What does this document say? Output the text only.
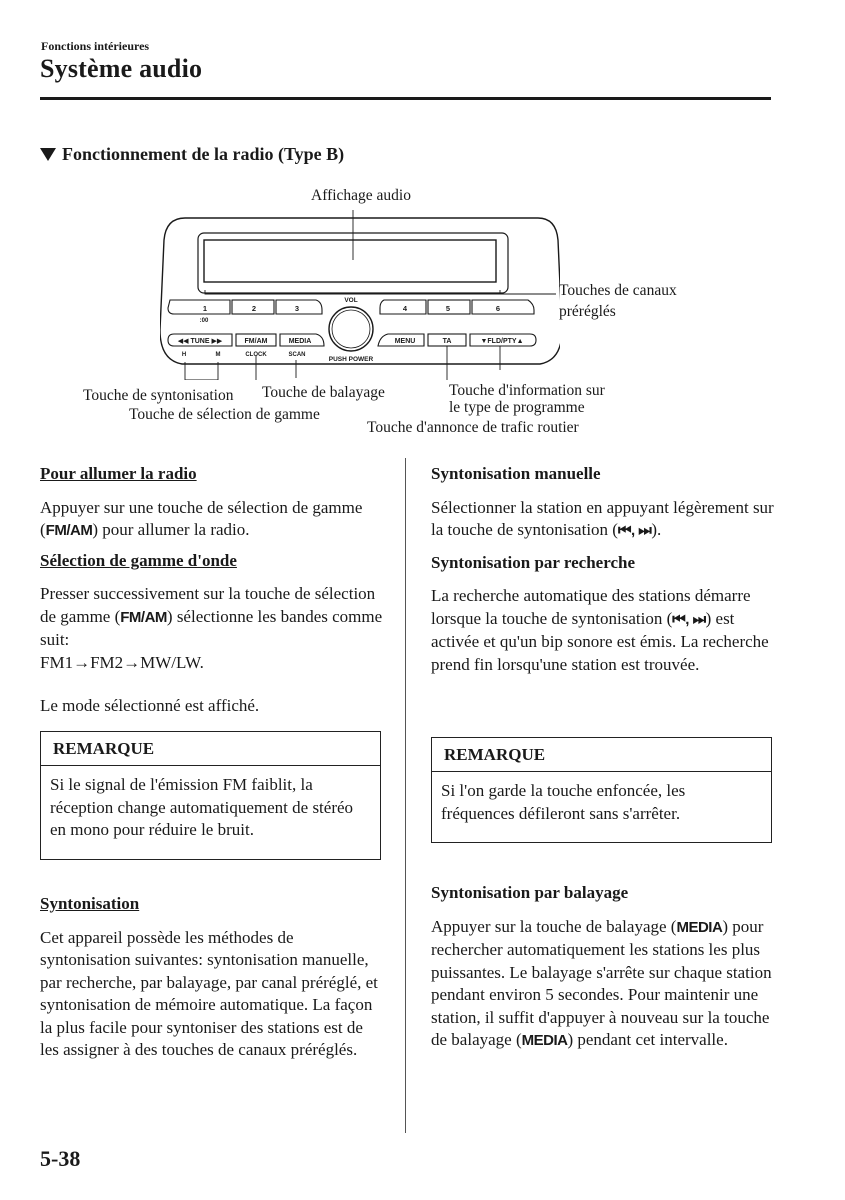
Fonctions intérieures
Système audio
Fonctionnement de la radio (Type B)
Affichage audio
1
:00
2	3	4	5	6
VOL
◀◀ TUNE ▶▶	FM/AM	MEDIA	MENU	TA	▼FLD/PTY▲
H	M	CLOCK	SCAN
PUSH POWER
Touches de canaux
préréglés
Touche de syntonisation Touche de balayage
Touche de sélection de gamme
Touche d'information sur
le type de programme
Touche d'annonce de trafic routier

Pour allumer la radio

Appuyer sur une touche de sélection de gamme (FM/AM) pour allumer la radio.

Sélection de gamme d'onde

Presser successivement sur la touche de sélection de gamme (FM/AM) sélectionne les bandes comme suit:

FM1→FM2→MW/LW.

Le mode sélectionné est affiché.

REMARQUE
Si le signal de l'émission FM faiblit, la réception change automatiquement de stéréo en mono pour réduire le bruit.

Syntonisation

Cet appareil possède les méthodes de syntonisation suivantes: syntonisation manuelle, par recherche, par balayage, par canal préréglé, et syntonisation de mémoire automatique. La façon la plus facile pour syntoniser des stations est de les assigner à des touches de canaux préréglés.

Syntonisation manuelle

Sélectionner la station en appuyant légèrement sur la touche de syntonisation (⏮, ⏭).

Syntonisation par recherche

La recherche automatique des stations démarre lorsque la touche de syntonisation (⏮, ⏭) est activée et qu'un bip sonore est émis. La recherche prend fin lorsqu'une station est trouvée.

REMARQUE
Si l'on garde la touche enfoncée, les fréquences défileront sans s'arrêter.

Syntonisation par balayage

Appuyer sur la touche de balayage (MEDIA) pour rechercher automatiquement les stations les plus puissantes. Le balayage s'arrête sur chaque station pendant environ 5 secondes. Pour maintenir une station, il suffit d'appuyer à nouveau sur la touche de balayage (MEDIA) pendant cet intervalle.

5-38
